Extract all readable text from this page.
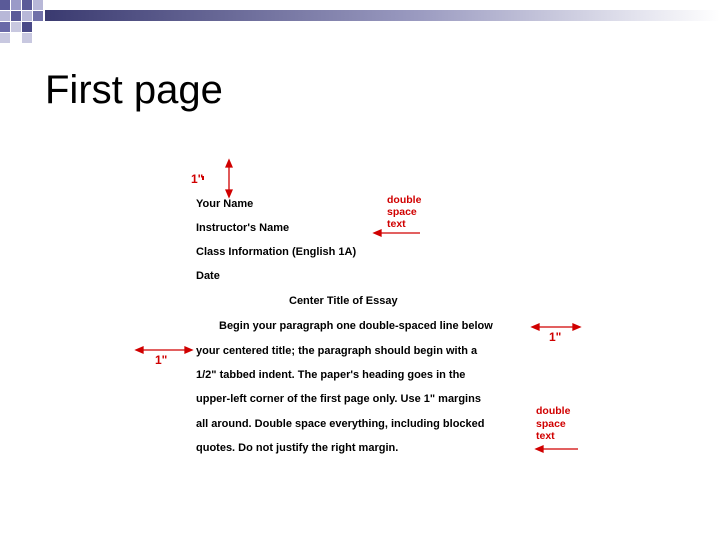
First page
Your Name
Instructor's Name
Class Information (English 1A)
Date
Center Title of Essay
Begin your paragraph one double-spaced line below
your centered title; the paragraph should begin with a
1/2" tabbed indent. The paper's heading goes in the
upper-left corner of the first page only. Use 1" margins
all around. Double space everything, including blocked
quotes. Do not justify the right margin.
1"
1"
1"
double
space
text
double
space
text
